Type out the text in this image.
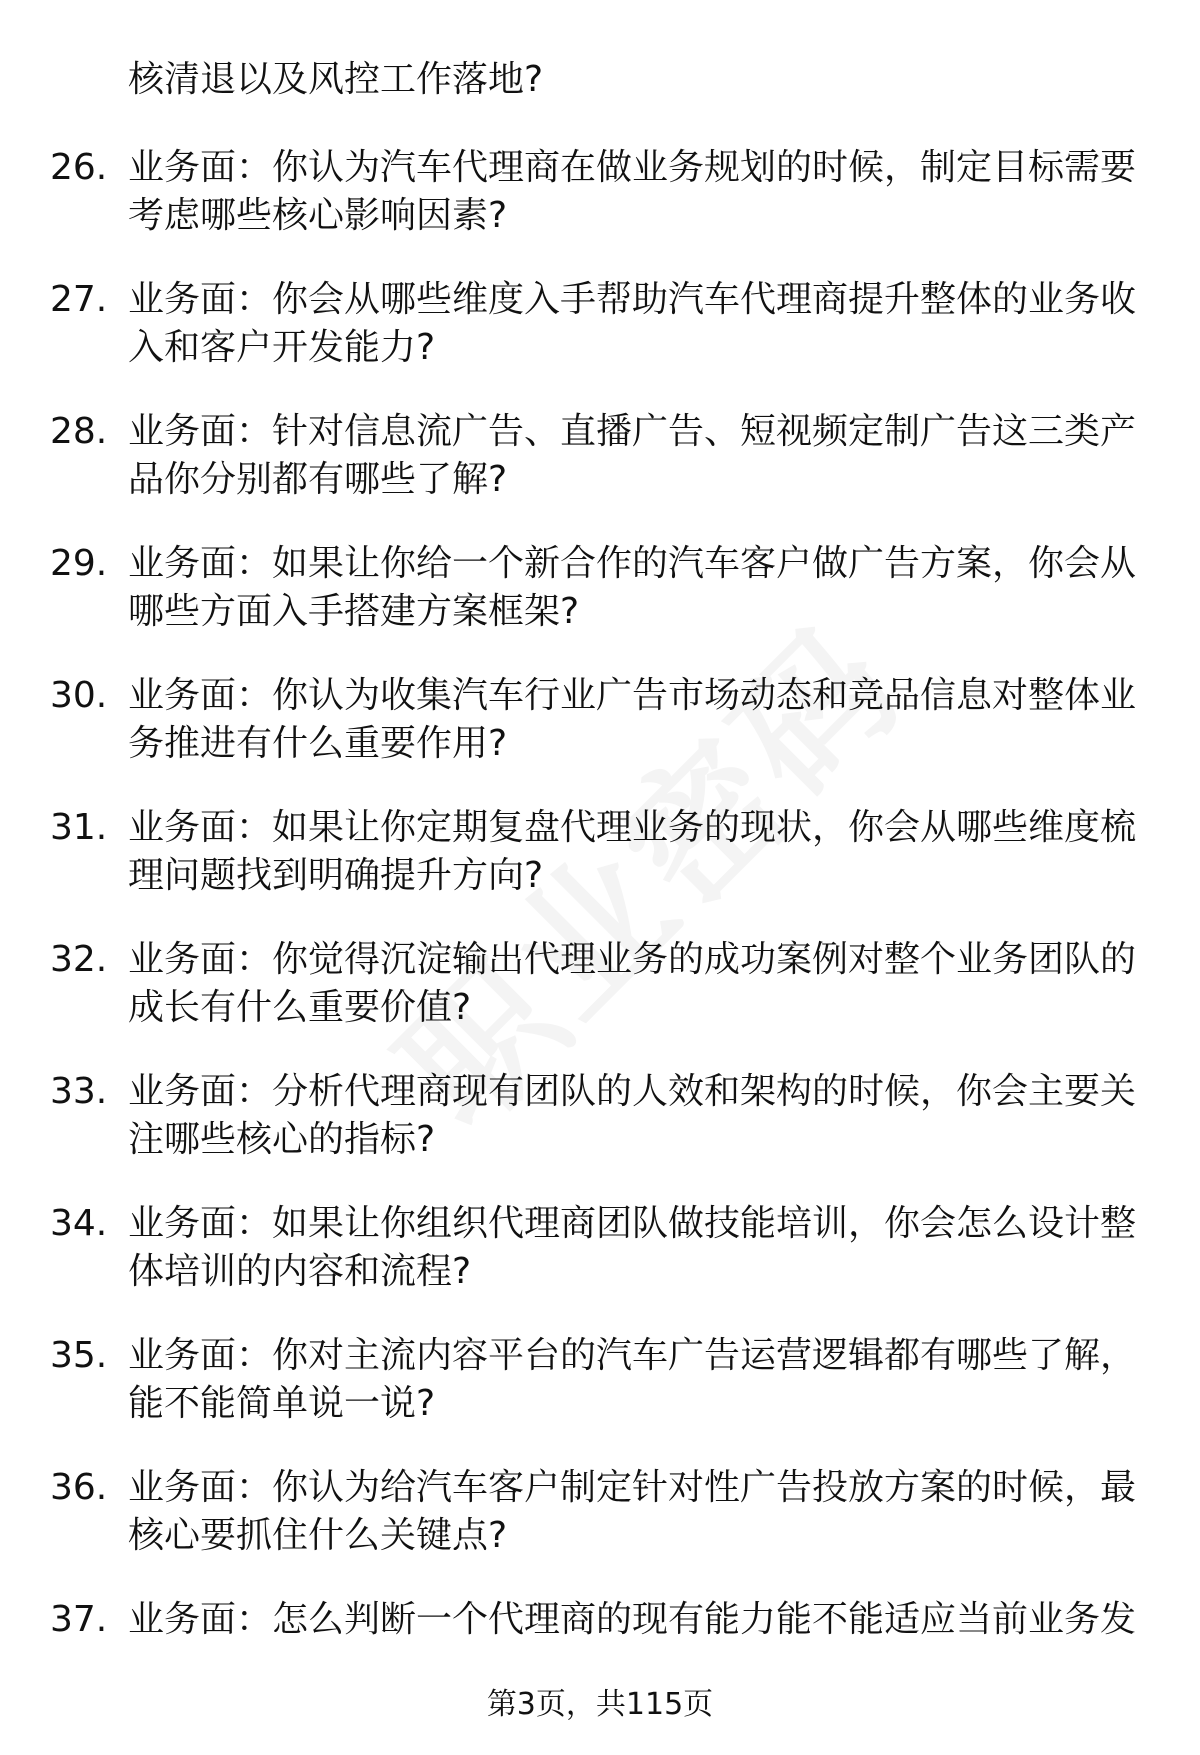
核清退以及风控工作落地?
26. 业务面：你认为汽车代理商在做业务规划的时候，制定目标需要考虑哪些核心影响因素?
27. 业务面：你会从哪些维度入手帮助汽车代理商提升整体的业务收入和客户开发能力?
28. 业务面：针对信息流广告、直播广告、短视频定制广告这三类产品你分别都有哪些了解?
29. 业务面：如果让你给一个新合作的汽车客户做广告方案，你会从哪些方面入手搭建方案框架?
30. 业务面：你认为收集汽车行业广告市场动态和竞品信息对整体业务推进有什么重要作用?
31. 业务面：如果让你定期复盘代理业务的现状，你会从哪些维度梳理问题找到明确提升方向?
32. 业务面：你觉得沉淀输出代理业务的成功案例对整个业务团队的成长有什么重要价值?
33. 业务面：分析代理商现有团队的人效和架构的时候，你会主要关注哪些核心的指标?
34. 业务面：如果让你组织代理商团队做技能培训，你会怎么设计整体培训的内容和流程?
35. 业务面：你对主流内容平台的汽车广告运营逻辑都有哪些了解，能不能简单说一说?
36. 业务面：你认为给汽车客户制定针对性广告投放方案的时候，最核心要抓住什么关键点?
37. 业务面：怎么判断一个代理商的现有能力能不能适应当前业务发
第3页，共115页
